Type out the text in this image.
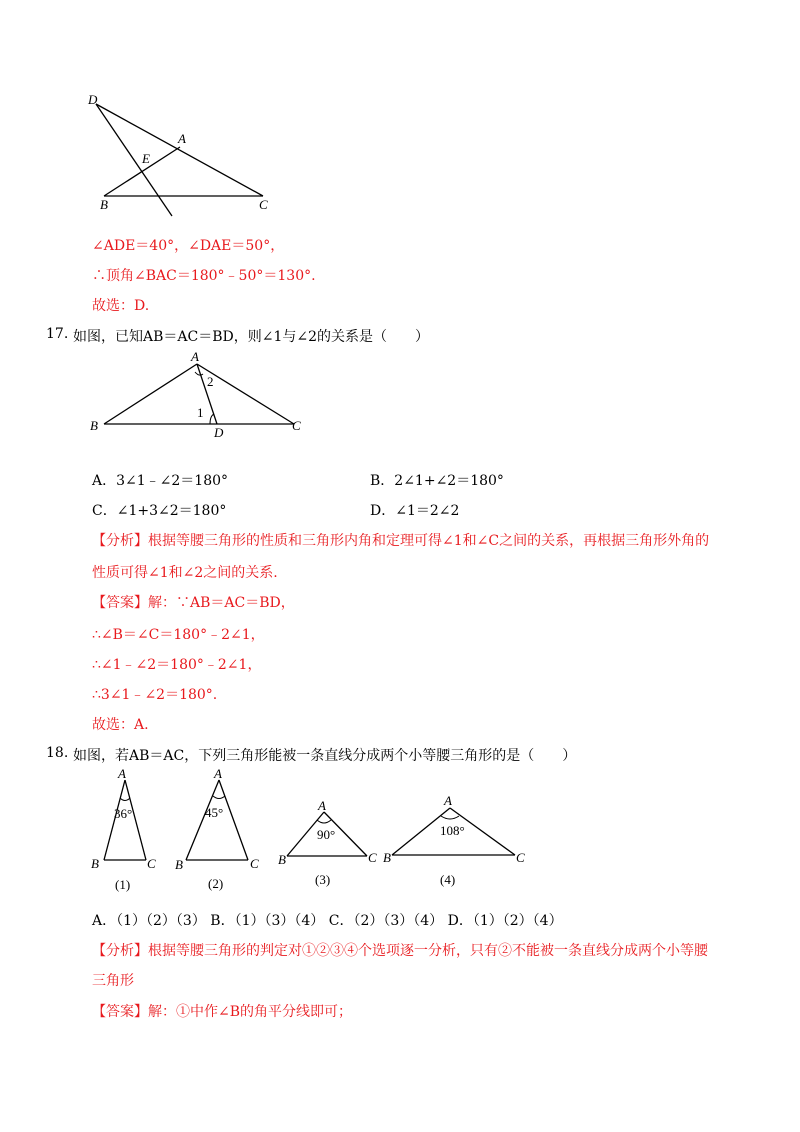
D
A
E
B	C
∠ADE＝40°，∠DAE＝50°，
∴顶角∠BAC＝180°﹣50°＝130°.
故选：D.
17. 如图，已知AB＝AC＝BD，则∠1与∠2的关系是（　　）
A
2
1
B	C
D
A．3∠1﹣∠2＝180°	B．2∠1+∠2＝180°
C．∠1+3∠2＝180°	D．∠1＝2∠2
【分析】根据等腰三角形的性质和三角形内角和定理可得∠1和∠C之间的关系，再根据三角形外角的
性质可得∠1和∠2之间的关系.
【答案】解：∵AB＝AC＝BD，
∴∠B＝∠C＝180°﹣2∠1，
∴∠1﹣∠2＝180°﹣2∠1，
∴3∠1﹣∠2＝180°.
故选：A.
18. 如图，若AB＝AC，下列三角形能被一条直线分成两个小等腰三角形的是（　　）
A
36°
B	C
(1)
A
45°
B	C
(2)
A
90°
B	C
(3)
A
108°
B	C
(4)
A．（1）（2）（3） B．（1）（3）（4） C．（2）（3）（4） D．（1）（2）（4）
【分析】根据等腰三角形的判定对①②③④个选项逐一分析，只有②不能被一条直线分成两个小等腰
三角形
【答案】解：①中作∠B的角平分线即可；
